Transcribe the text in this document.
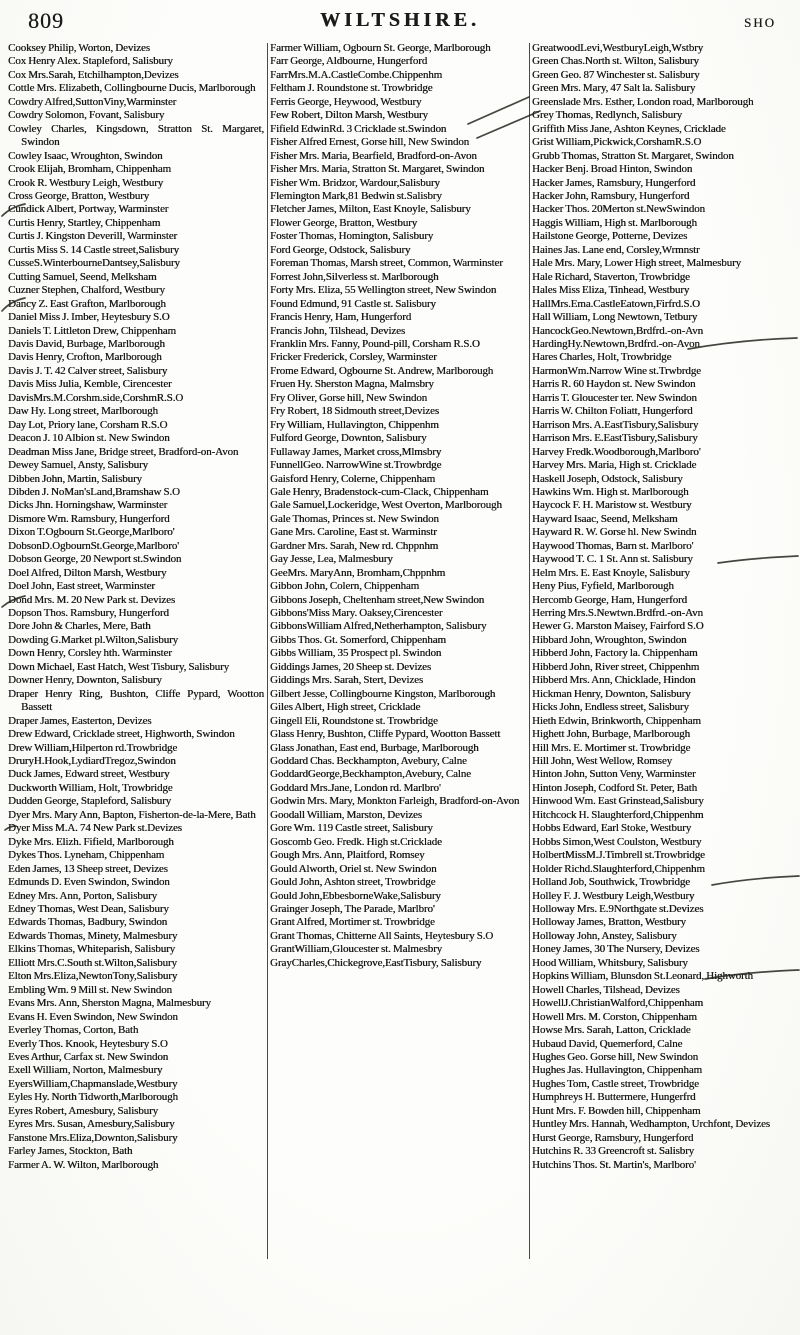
809	WILTSHIRE.	SHO

Cooksey Philip, Worton, Devizes

Cox Henry Alex. Stapleford, Salisbury

Cox Mrs.Sarah, Etchilhampton,Devizes

Cottle Mrs. Elizabeth, Collingbourne Ducis, Marlborough

Cowdry Alfred,SuttonViny,Warminster

Cowdry Solomon, Fovant, Salisbury

Cowley Charles, Kingsdown, Stratton St. Margaret, Swindon

Cowley Isaac, Wroughton, Swindon

Crook Elijah, Bromham, Chippenham

Crook R. Westbury Leigh, Westbury

Cross George, Bratton, Westbury

Cundick Albert, Portway, Warminster

Curtis Henry, Startley, Chippenham

Curtis J. Kingston Deverill, Warminster

Curtis Miss S. 14 Castle street,Salisbury

CusseS.WinterbourneDantsey,Salisbury

Cutting Samuel, Seend, Melksham

Cuzner Stephen, Chalford, Westbury

Dancy Z. East Grafton, Marlborough

Daniel Miss J. Imber, Heytesbury S.O

Daniels T. Littleton Drew, Chippenham

Davis David, Burbage, Marlborough

Davis Henry, Crofton, Marlborough

Davis J. T. 42 Calver street, Salisbury

Davis Miss Julia, Kemble, Cirencester

DavisMrs.M.Corshm.side,CorshmR.S.O

Daw Hy. Long street, Marlborough

Day Lot, Priory lane, Corsham R.S.O

Deacon J. 10 Albion st. New Swindon

Deadman Miss Jane, Bridge street, Bradford-on-Avon

Dewey Samuel, Ansty, Salisbury

Dibben John, Martin, Salisbury

Dibden J. NoMan'sLand,Bramshaw S.O

Dicks Jhn. Horningshaw, Warminster

Dismore Wm. Ramsbury, Hungerford

Dixon T.Ogbourn St.George,Marlboro'

DobsonD.OgbournSt.George,Marlboro'

Dobson George, 20 Newport st.Swindon

Doel Alfred, Dilton Marsh, Westbury

Doel John, East street, Warminster

Dond Mrs. M. 20 New Park st. Devizes

Dopson Thos. Ramsbury, Hungerford

Dore John & Charles, Mere, Bath

Dowding G.Market pl.Wilton,Salisbury

Down Henry, Corsley hth. Warminster

Down Michael, East Hatch, West Tisbury, Salisbury

Downer Henry, Downton, Salisbury

Draper Henry Ring, Bushton, Cliffe Pypard, Wootton Bassett

Draper James, Easterton, Devizes

Drew Edward, Cricklade street, Highworth, Swindon

Drew William,Hilperton rd.Trowbridge

DruryH.Hook,LydiardTregoz,Swindon

Duck James, Edward street, Westbury

Duckworth William, Holt, Trowbridge

Dudden George, Stapleford, Salisbury

Dyer Mrs. Mary Ann, Bapton, Fisherton-de-la-Mere, Bath

Dyer Miss M.A. 74 New Park st.Devizes

Dyke Mrs. Elizh. Fifield, Marlborough

Dykes Thos. Lyneham, Chippenham

Eden James, 13 Sheep street, Devizes

Edmunds D. Even Swindon, Swindon

Edney Mrs. Ann, Porton, Salisbury

Edney Thomas, West Dean, Salisbury

Edwards Thomas, Badbury, Swindon

Edwards Thomas, Minety, Malmesbury

Elkins Thomas, Whiteparish, Salisbury

Elliott Mrs.C.South st.Wilton,Salisbury

Elton Mrs.Eliza,NewtonTony,Salisbury

Embling Wm. 9 Mill st. New Swindon

Evans Mrs. Ann, Sherston Magna, Malmesbury

Evans H. Even Swindon, New Swindon

Everley Thomas, Corton, Bath

Everly Thos. Knook, Heytesbury S.O

Eves Arthur, Carfax st. New Swindon

Exell William, Norton, Malmesbury

EyersWilliam,Chapmanslade,Westbury

Eyles Hy. North Tidworth,Marlborough

Eyres Robert, Amesbury, Salisbury

Eyres Mrs. Susan, Amesbury,Salisbury

Fanstone Mrs.Eliza,Downton,Salisbury

Farley James, Stockton, Bath

Farmer A. W. Wilton, Marlborough

Farmer William, Ogbourn St. George, Marlborough

Farr George, Aldbourne, Hungerford

FarrMrs.M.A.CastleCombe.Chippenhm

Feltham J. Roundstone st. Trowbridge

Ferris George, Heywood, Westbury

Few Robert, Dilton Marsh, Westbury

Fifield EdwinRd. 3 Cricklade st.Swindon

Fisher Alfred Ernest, Gorse hill, New Swindon

Fisher Mrs. Maria, Bearfield, Bradford-on-Avon

Fisher Mrs. Maria, Stratton St. Margaret, Swindon

Fisher Wm. Bridzor, Wardour,Salisbury

Flemington Mark,81 Bedwin st.Salisbry

Fletcher James, Milton, East Knoyle, Salisbury

Flower George, Bratton, Westbury

Foster Thomas, Homington, Salisbury

Ford George, Odstock, Salisbury

Foreman Thomas, Marsh street, Common, Warminster

Forrest John,Silverless st. Marlborough

Forty Mrs. Eliza, 55 Wellington street, New Swindon

Found Edmund, 91 Castle st. Salisbury

Francis Henry, Ham, Hungerford

Francis John, Tilshead, Devizes

Franklin Mrs. Fanny, Pound-pill, Corsham R.S.O

Fricker Frederick, Corsley, Warminster

Frome Edward, Ogbourne St. Andrew, Marlborough

Fruen Hy. Sherston Magna, Malmsbry

Fry Oliver, Gorse hill, New Swindon

Fry Robert, 18 Sidmouth street,Devizes

Fry William, Hullavington, Chippenhm

Fulford George, Downton, Salisbury

Fullaway James, Market cross,Mlmsbry

FunnellGeo. NarrowWine st.Trowbrdge

Gaisford Henry, Colerne, Chippenham

Gale Henry, Bradenstock-cum-Clack, Chippenham

Gale Samuel,Lockeridge, West Overton, Marlborough

Gale Thomas, Princes st. New Swindon

Gane Mrs. Caroline, East st. Warminstr

Gardner Mrs. Sarah, New rd. Chppnhm

Gay Jesse, Lea, Malmesbury

GeeMrs. MaryAnn, Bromham,Chppnhm

Gibbon John, Colern, Chippenham

Gibbons Joseph, Cheltenham street,New Swindon

Gibbons'Miss Mary. Oaksey,Cirencester

GibbonsWilliam Alfred,Netherhampton, Salisbury

Gibbs Thos. Gt. Somerford, Chippenham

Gibbs William, 35 Prospect pl. Swindon

Giddings James, 20 Sheep st. Devizes

Giddings Mrs. Sarah, Stert, Devizes

Gilbert Jesse, Collingbourne Kingston, Marlborough

Giles Albert, High street, Cricklade

Gingell Eli, Roundstone st. Trowbridge

Glass Henry, Bushton, Cliffe Pypard, Wootton Bassett

Glass Jonathan, East end, Burbage, Marlborough

Goddard Chas. Beckhampton, Avebury, Calne

GoddardGeorge,Beckhampton,Avebury, Calne

Goddard Mrs.Jane, London rd. Marlbro'

Godwin Mrs. Mary, Monkton Farleigh, Bradford-on-Avon

Goodall William, Marston, Devizes

Gore Wm. 119 Castle street, Salisbury

Goscomb Geo. Fredk. High st.Cricklade

Gough Mrs. Ann, Plaitford, Romsey

Gould Alworth, Oriel st. New Swindon

Gould John, Ashton street, Trowbridge

Gould John,EbbesborneWake,Salisbury

Grainger Joseph, The Parade, Marlbro'

Grant Alfred, Mortimer st. Trowbridge

Grant Thomas, Chitterne All Saints, Heytesbury S.O

GrantWilliam,Gloucester st. Malmesbry

GrayCharles,Chickegrove,EastTisbury, Salisbury

GreatwoodLevi,WestburyLeigh,Wstbry

Green Chas.North st. Wilton, Salisbury

Green Geo. 87 Winchester st. Salisbury

Green Mrs. Mary, 47 Salt la. Salisbury

Greenslade Mrs. Esther, London road, Marlborough

Grey Thomas, Redlynch, Salisbury

Griffith Miss Jane, Ashton Keynes, Cricklade

Grist William,Pickwick,CorshamR.S.O

Grubb Thomas, Stratton St. Margaret, Swindon

Hacker Benj. Broad Hinton, Swindon

Hacker James, Ramsbury, Hungerford

Hacker John, Ramsbury, Hungerford

Hacker Thos. 20Merton st.NewSwindon

Haggis William, High st. Marlborough

Hailstone George, Potterne, Devizes

Haines Jas. Lane end, Corsley,Wrmnstr

Hale Mrs. Mary, Lower High street, Malmesbury

Hale Richard, Staverton, Trowbridge

Hales Miss Eliza, Tinhead, Westbury

HallMrs.Ema.CastleEatown,Firfrd.S.O

Hall William, Long Newtown, Tetbury

HancockGeo.Newtown,Brdfrd.-on-Avn

HardingHy.Newtown,Brdfrd.-on-Avon

Hares Charles, Holt, Trowbridge

HarmonWm.Narrow Wine st.Trwbrdge

Harris R. 60 Haydon st. New Swindon

Harris T. Gloucester ter. New Swindon

Harris W. Chilton Foliatt, Hungerford

Harrison Mrs. A.EastTisbury,Salisbury

Harrison Mrs. E.EastTisbury,Salisbury

Harvey Fredk.Woodborough,Marlboro'

Harvey Mrs. Maria, High st. Cricklade

Haskell Joseph, Odstock, Salisbury

Hawkins Wm. High st. Marlborough

Haycock F. H. Maristow st. Westbury

Hayward Isaac, Seend, Melksham

Hayward R. W. Gorse hl. New Swindn

Haywood Thomas, Barn st. Marlboro'

Haywood T. C. 1 St. Ann st. Salisbury

Helm Mrs. E. East Knoyle, Salisbury

Heny Pius, Fyfield, Marlborough

Hercomb George, Ham, Hungerford

Herring Mrs.S.Newtwn.Brdfrd.-on-Avn

Hewer G. Marston Maisey, Fairford S.O

Hibbard John, Wroughton, Swindon

Hibberd John, Factory la. Chippenham

Hibberd John, River street, Chippenhm

Hibberd Mrs. Ann, Chicklade, Hindon

Hickman Henry, Downton, Salisbury

Hicks John, Endless street, Salisbury

Hieth Edwin, Brinkworth, Chippenham

Highett John, Burbage, Marlborough

Hill Mrs. E. Mortimer st. Trowbridge

Hill John, West Wellow, Romsey

Hinton John, Sutton Veny, Warminster

Hinton Joseph, Codford St. Peter, Bath

Hinwood Wm. East Grinstead,Salisbury

Hitchcock H. Slaughterford,Chippenhm

Hobbs Edward, Earl Stoke, Westbury

Hobbs Simon,West Coulston, Westbury

HolbertMissM.J.Timbrell st.Trowbridge

Holder Richd.Slaughterford,Chippenhm

Holland Job, Southwick, Trowbridge

Holley F. J. Westbury Leigh,Westbury

Holloway Mrs. E.9Northgate st.Devizes

Holloway James, Bratton, Westbury

Holloway John, Anstey, Salisbury

Honey James, 30 The Nursery, Devizes

Hood William, Whitsbury, Salisbury

Hopkins William, Blunsdon St.Leonard, Highworth

Howell Charles, Tilshead, Devizes

HowellJ.ChristianWalford,Chippenham

Howell Mrs. M. Corston, Chippenham

Howse Mrs. Sarah, Latton, Cricklade

Hubaud David, Quemerford, Calne

Hughes Geo. Gorse hill, New Swindon

Hughes Jas. Hullavington, Chippenham

Hughes Tom, Castle street, Trowbridge

Humphreys H. Buttermere, Hungerfrd

Hunt Mrs. F. Bowden hill, Chippenham

Huntley Mrs. Hannah, Wedhampton, Urchfont, Devizes

Hurst George, Ramsbury, Hungerford

Hutchins R. 33 Greencroft st. Salisbry

Hutchins Thos. St. Martin's, Marlboro'
